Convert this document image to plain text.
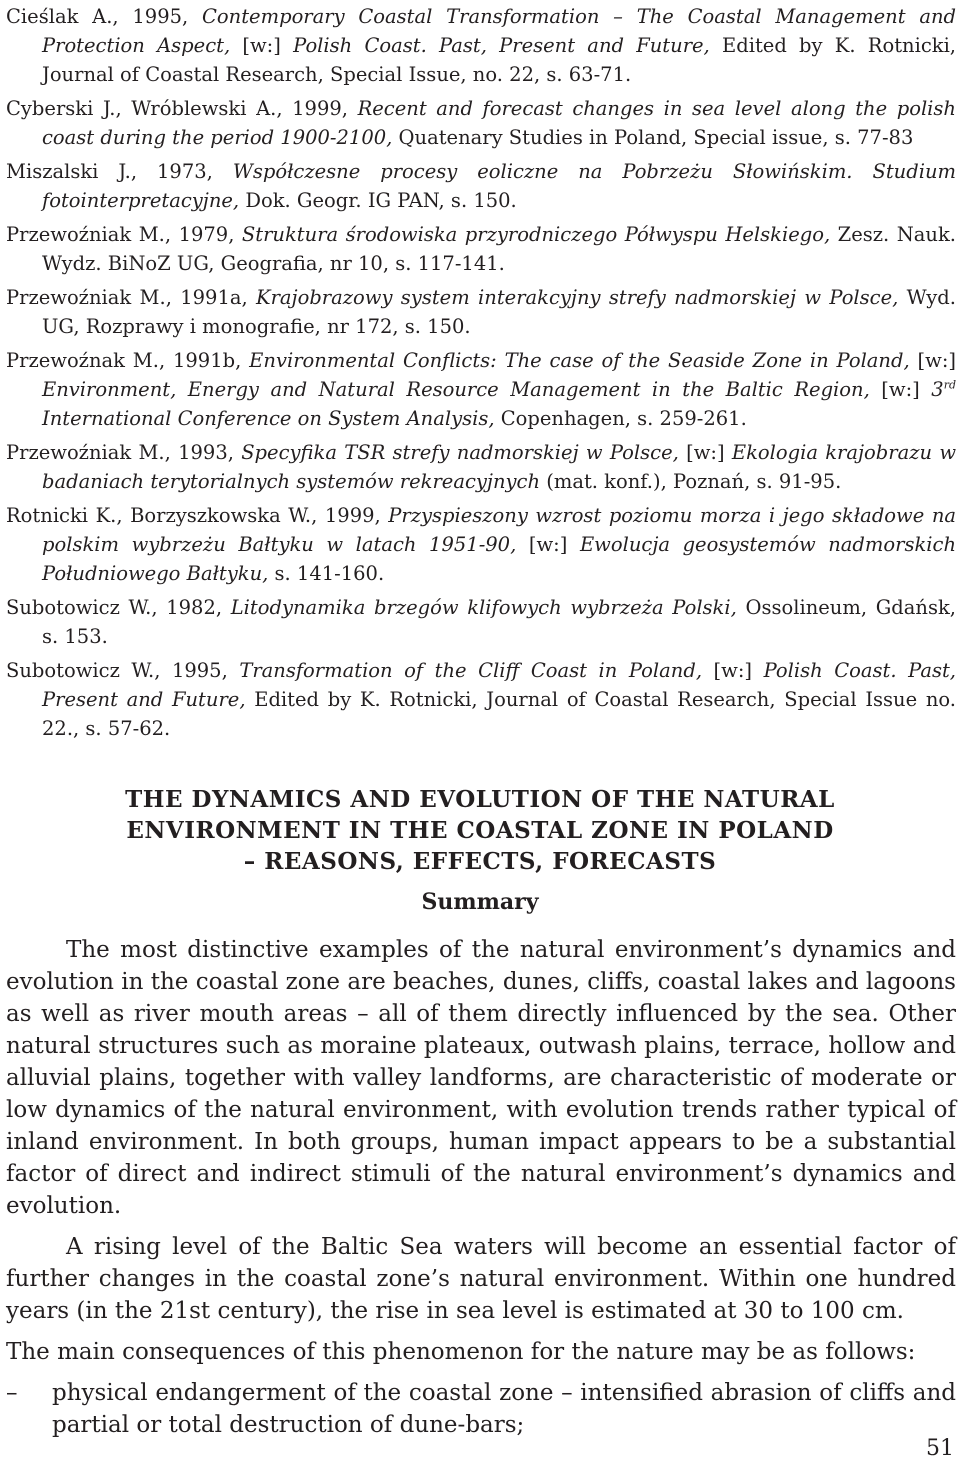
Cieślak A., 1995, Contemporary Coastal Transformation – The Coastal Management and Protection Aspect, [w:] Polish Coast. Past, Present and Future, Edited by K. Rotnicki, Journal of Coastal Research, Special Issue, no. 22, s. 63-71.

Cyberski J., Wróblewski A., 1999, Recent and forecast changes in sea level along the polish coast during the period 1900-2100, Quatenary Studies in Poland, Special issue, s. 77-83

Miszalski J., 1973, Współczesne procesy eoliczne na Pobrzeżu Słowińskim. Studium fotointerpretacyjne, Dok. Geogr. IG PAN, s. 150.

Przewoźniak M., 1979, Struktura środowiska przyrodniczego Półwyspu Helskiego, Zesz. Nauk. Wydz. BiNoZ UG, Geografia, nr 10, s. 117-141.

Przewoźniak M., 1991a, Krajobrazowy system interakcyjny strefy nadmorskiej w Polsce, Wyd. UG, Rozprawy i monografie, nr 172, s. 150.

Przewoźnak M., 1991b, Environmental Conflicts: The case of the Seaside Zone in Poland, [w:] Environment, Energy and Natural Resource Management in the Baltic Region, [w:] 3rd International Conference on System Analysis, Copenhagen, s. 259-261.

Przewoźniak M., 1993, Specyfika TSR strefy nadmorskiej w Polsce, [w:] Ekologia krajobrazu w badaniach terytorialnych systemów rekreacyjnych (mat. konf.), Poznań, s. 91-95.

Rotnicki K., Borzyszkowska W., 1999, Przyspieszony wzrost poziomu morza i jego składowe na polskim wybrzeżu Bałtyku w latach 1951-90, [w:] Ewolucja geosystemów nadmorskich Południowego Bałtyku, s. 141-160.

Subotowicz W., 1982, Litodynamika brzegów klifowych wybrzeża Polski, Ossolineum, Gdańsk, s. 153.

Subotowicz W., 1995, Transformation of the Cliff Coast in Poland, [w:] Polish Coast. Past, Present and Future, Edited by K. Rotnicki, Journal of Coastal Research, Special Issue no. 22., s. 57-62.

THE DYNAMICS AND EVOLUTION OF THE NATURAL
ENVIRONMENT IN THE COASTAL ZONE IN POLAND
– REASONS, EFFECTS, FORECASTS
Summary

The most distinctive examples of the natural environment’s dynamics and evolution in the coastal zone are beaches, dunes, cliffs, coastal lakes and lagoons as well as river mouth areas – all of them directly influenced by the sea. Other natural structures such as moraine plateaux, outwash plains, terrace, hollow and alluvial plains, together with valley landforms, are characteristic of moderate or low dynamics of the natural environment, with evolution trends rather typical of inland environment. In both groups, human impact appears to be a substantial factor of direct and indirect stimuli of the natural environment’s dynamics and evolution.

A rising level of the Baltic Sea waters will become an essential factor of further changes in the coastal zone’s natural environment. Within one hundred years (in the 21st century), the rise in sea level is estimated at 30 to 100 cm.

The main consequences of this phenomenon for the nature may be as follows:

– physical endangerment of the coastal zone – intensified abrasion of cliffs and partial or total destruction of dune-bars;

51
